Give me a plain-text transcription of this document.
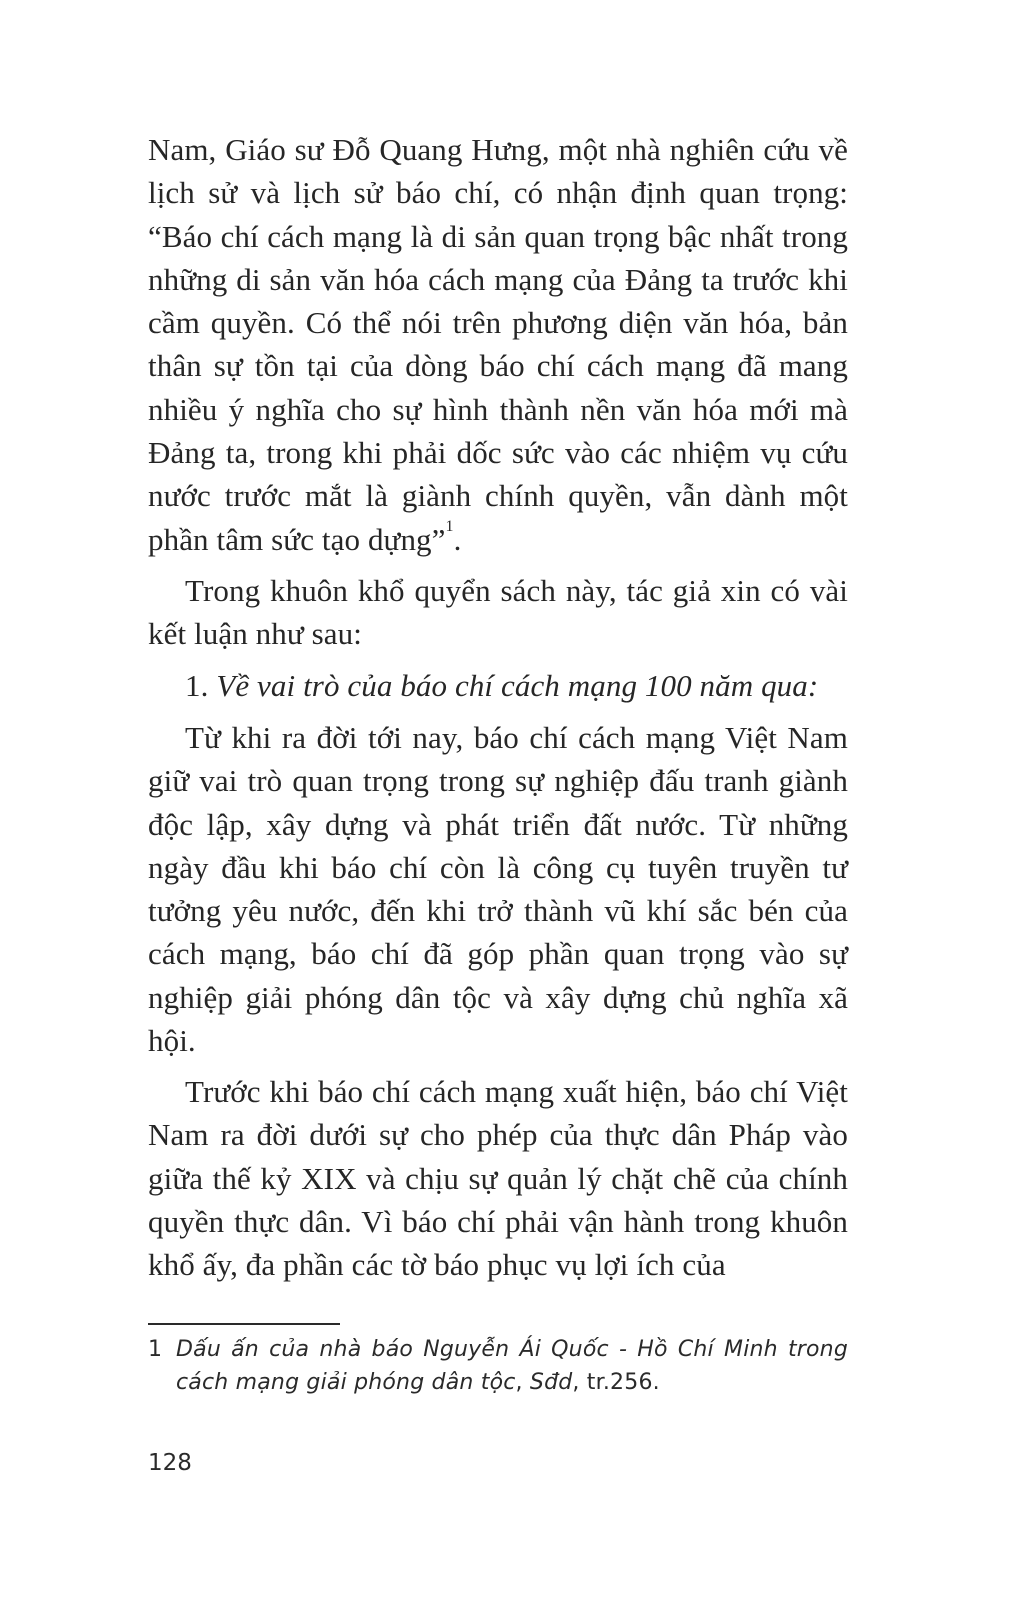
Nam, Giáo sư Đỗ Quang Hưng, một nhà nghiên cứu về lịch sử và lịch sử báo chí, có nhận định quan trọng: “Báo chí cách mạng là di sản quan trọng bậc nhất trong những di sản văn hóa cách mạng của Đảng ta trước khi cầm quyền. Có thể nói trên phương diện văn hóa, bản thân sự tồn tại của dòng báo chí cách mạng đã mang nhiều ý nghĩa cho sự hình thành nền văn hóa mới mà Đảng ta, trong khi phải dốc sức vào các nhiệm vụ cứu nước trước mắt là giành chính quyền, vẫn dành một phần tâm sức tạo dựng”$^1$.

Trong khuôn khổ quyển sách này, tác giả xin có vài kết luận như sau:

1. Về vai trò của báo chí cách mạng 100 năm qua:

Từ khi ra đời tới nay, báo chí cách mạng Việt Nam giữ vai trò quan trọng trong sự nghiệp đấu tranh giành độc lập, xây dựng và phát triển đất nước. Từ những ngày đầu khi báo chí còn là công cụ tuyên truyền tư tưởng yêu nước, đến khi trở thành vũ khí sắc bén của cách mạng, báo chí đã góp phần quan trọng vào sự nghiệp giải phóng dân tộc và xây dựng chủ nghĩa xã hội.

Trước khi báo chí cách mạng xuất hiện, báo chí Việt Nam ra đời dưới sự cho phép của thực dân Pháp vào giữa thế kỷ XIX và chịu sự quản lý chặt chẽ của chính quyền thực dân. Vì báo chí phải vận hành trong khuôn khổ ấy, đa phần các tờ báo phục vụ lợi ích của

1 Dấu ấn của nhà báo Nguyễn Ái Quốc - Hồ Chí Minh trong cách mạng giải phóng dân tộc, Sđd, tr.256.
128
